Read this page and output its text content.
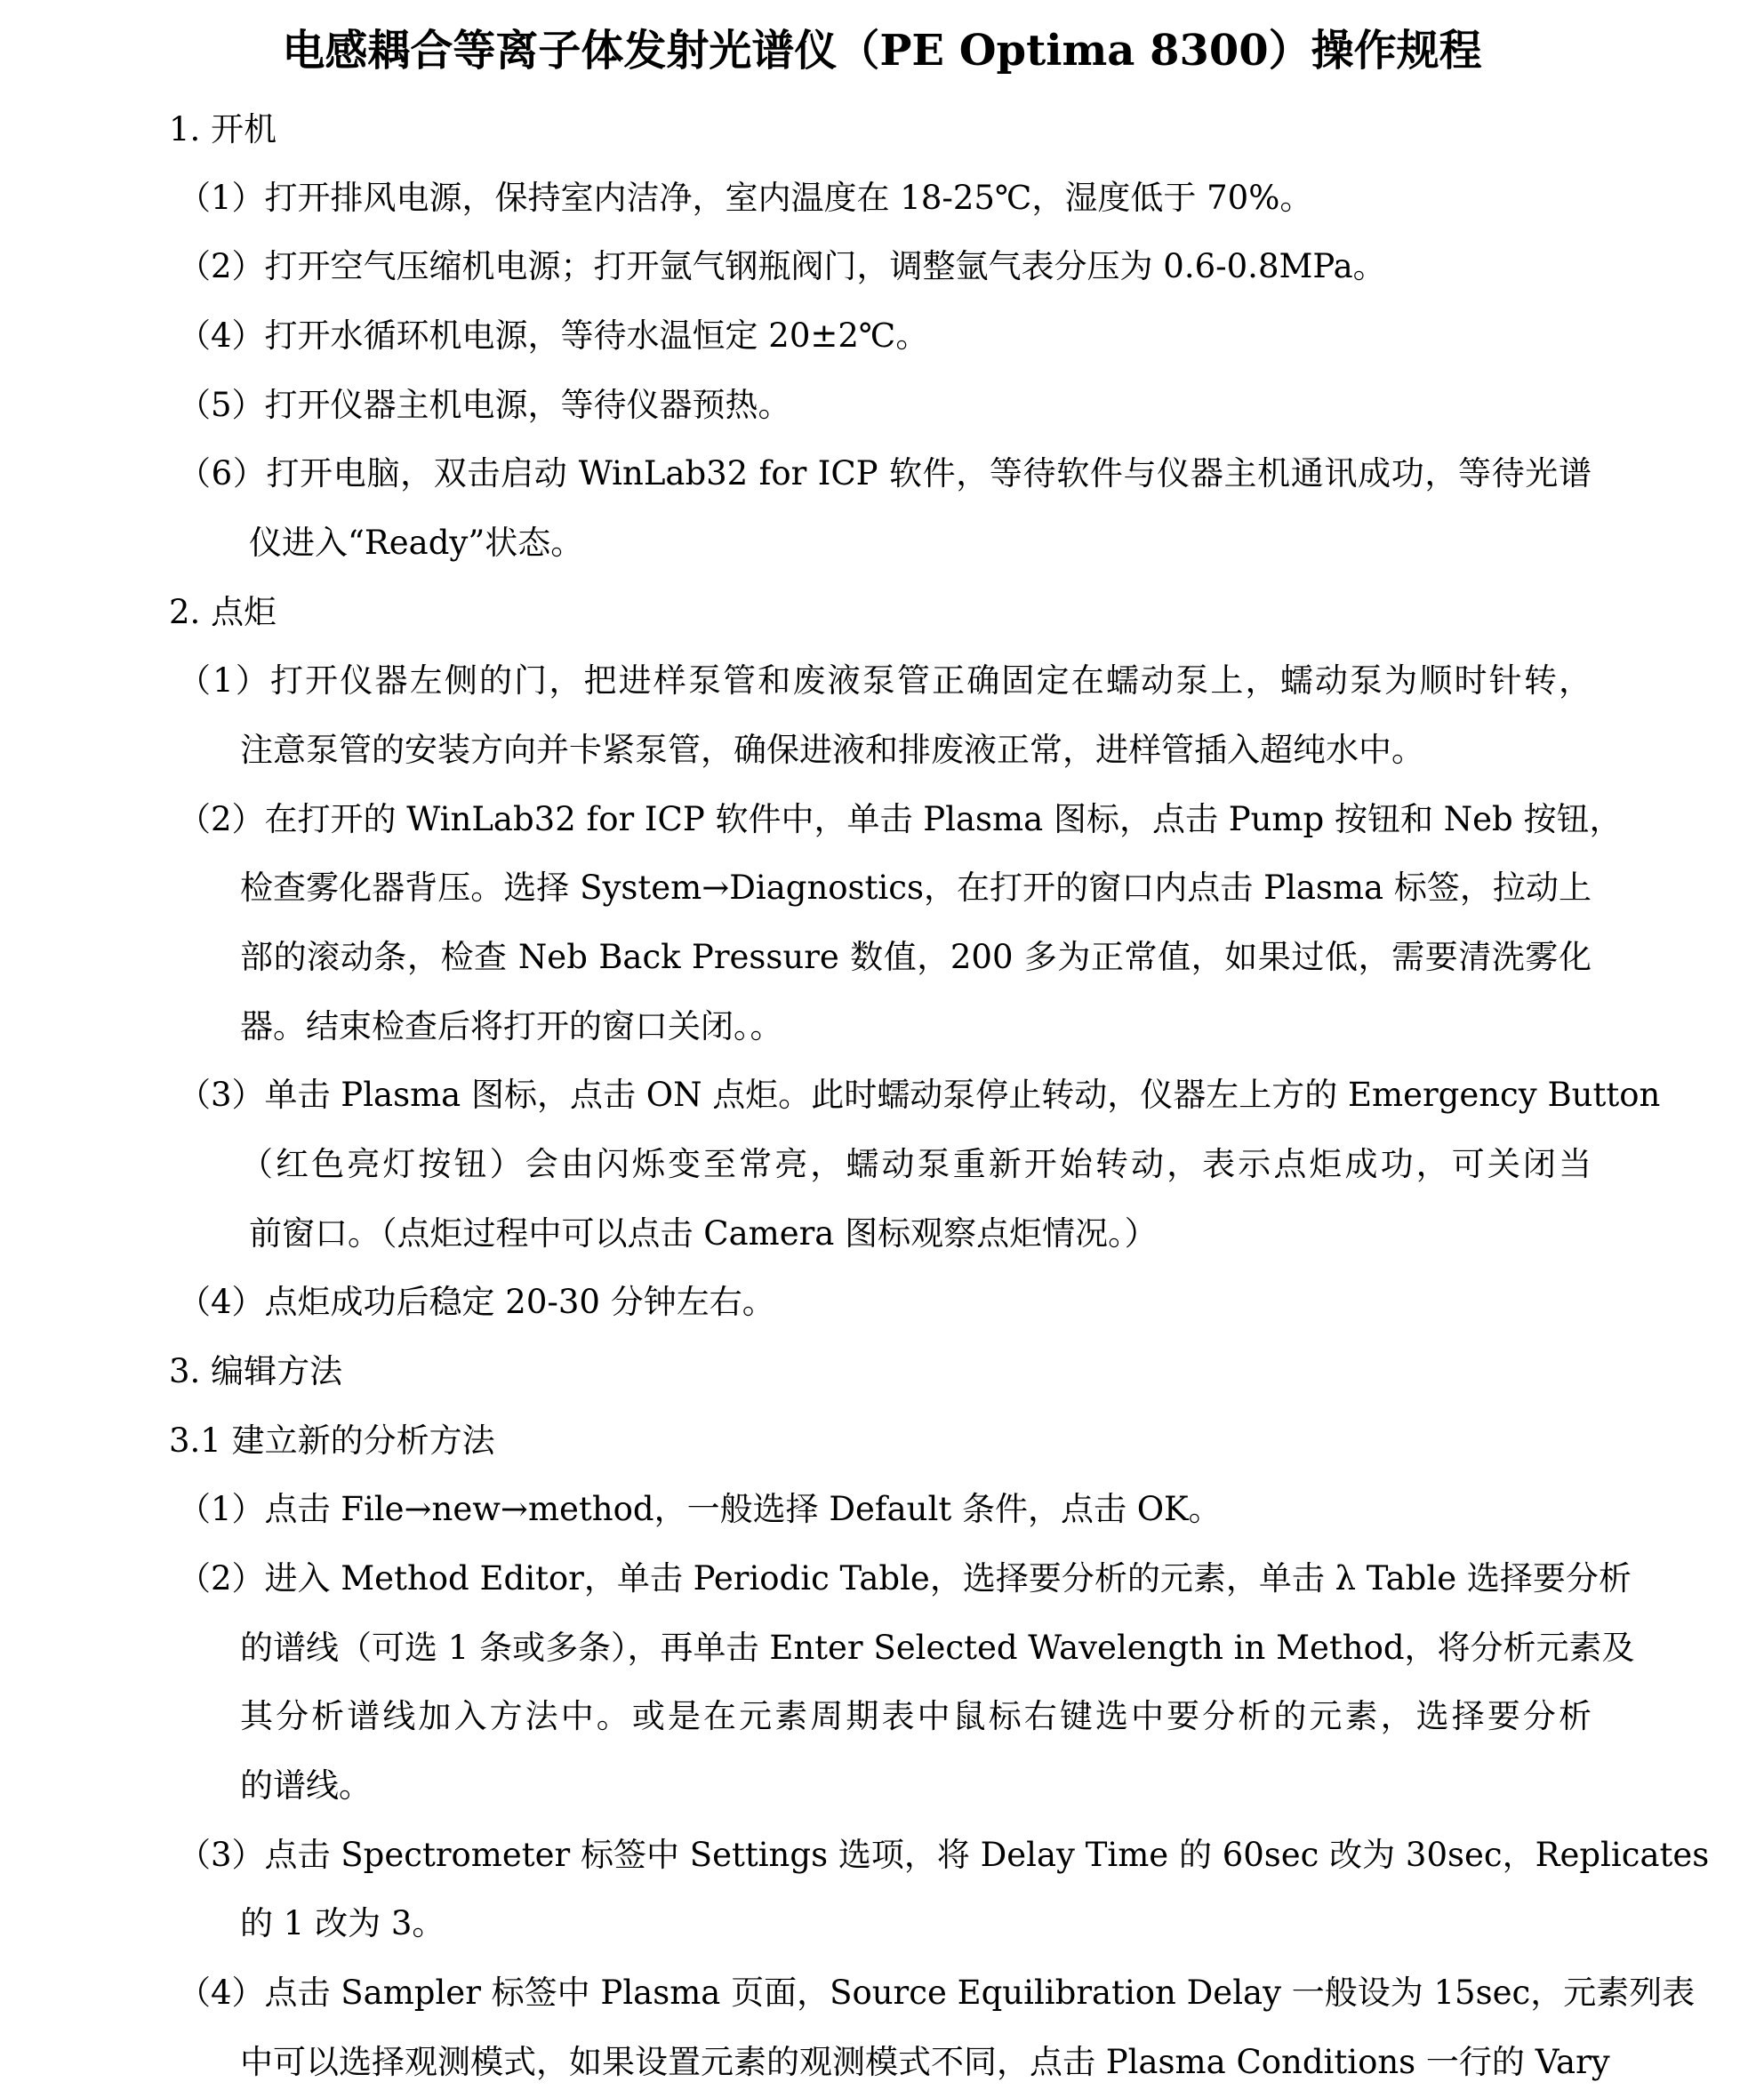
电感耦合等离子体发射光谱仪（PE Optima 8300）操作规程
1. 开机
（1）打开排风电源，保持室内洁净，室内温度在 18-25℃，湿度低于 70%。
（2）打开空气压缩机电源；打开氩气钢瓶阀门，调整氩气表分压为 0.6-0.8MPa。
（4）打开水循环机电源，等待水温恒定 20±2℃。
（5）打开仪器主机电源，等待仪器预热。
（6）打开电脑，双击启动 WinLab32 for ICP 软件，等待软件与仪器主机通讯成功，等待光谱
仪进入“Ready”状态。
2. 点炬
（1）打开仪器左侧的门，把进样泵管和废液泵管正确固定在蠕动泵上，蠕动泵为顺时针转，
注意泵管的安装方向并卡紧泵管，确保进液和排废液正常，进样管插入超纯水中。
（2）在打开的 WinLab32 for ICP 软件中，单击 Plasma 图标，点击 Pump 按钮和 Neb 按钮，
检查雾化器背压。选择 System→Diagnostics，在打开的窗口内点击 Plasma 标签，拉动上
部的滚动条，检查 Neb Back Pressure 数值，200 多为正常值，如果过低，需要清洗雾化
器。结束检查后将打开的窗口关闭。。
（3）单击 Plasma 图标，点击 ON 点炬。此时蠕动泵停止转动，仪器左上方的 Emergency Button
（红色亮灯按钮）会由闪烁变至常亮，蠕动泵重新开始转动，表示点炬成功，可关闭当
前窗口。（点炬过程中可以点击 Camera 图标观察点炬情况。）
（4）点炬成功后稳定 20-30 分钟左右。
3. 编辑方法
3.1 建立新的分析方法
（1）点击 File→new→method，一般选择 Default 条件，点击 OK。
（2）进入 Method Editor，单击 Periodic Table，选择要分析的元素，单击 λ Table 选择要分析
的谱线（可选 1 条或多条），再单击 Enter Selected Wavelength in Method，将分析元素及
其分析谱线加入方法中。或是在元素周期表中鼠标右键选中要分析的元素，选择要分析
的谱线。
（3）点击 Spectrometer 标签中 Settings 选项，将 Delay Time 的 60sec 改为 30sec，Replicates
的 1 改为 3。
（4）点击 Sampler 标签中 Plasma 页面，Source Equilibration Delay 一般设为 15sec，元素列表
中可以选择观测模式，如果设置元素的观测模式不同，点击 Plasma Conditions 一行的 Vary
